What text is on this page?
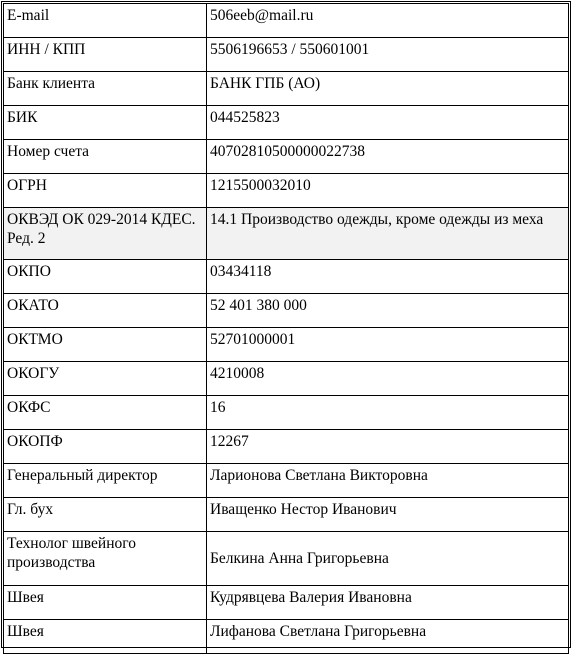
E-mail	506eeb@mail.ru
ИНН / КПП	5506196653 / 550601001
Банк клиента	БАНК ГПБ (АО)
БИК	044525823
Номер счета	40702810500000022738
ОГРН	1215500032010
ОКВЭД ОК 029-2014 КДЕС. Ред. 2	14.1 Производство одежды, кроме одежды из меха
ОКПО	03434118
ОКАТО	52 401 380 000
ОКТМО	52701000001
ОКОГУ	4210008
ОКФС	16
ОКОПФ	12267
Генеральный директор	Ларионова Светлана Викторовна
Гл. бух	Иващенко Нестор Иванович
Технолог швейного производства	Белкина Анна Григорьевна
Швея	Кудрявцева Валерия Ивановна
Швея	Лифанова Светлана Григорьевна
